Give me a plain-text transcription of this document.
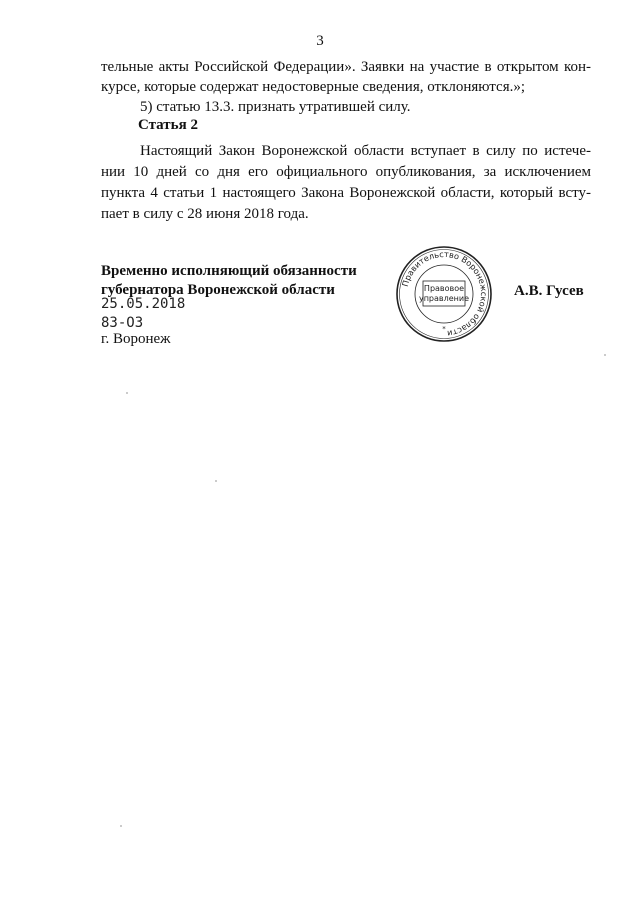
3
тельные акты Российской Федерации». Заявки на участие в открытом кон-
курсе, которые содержат недостоверные сведения, отклоняются.»;
5) статью 13.3. признать утратившей силу.
Статья 2
Настоящий Закон Воронежской области вступает в силу по истече-
нии 10 дней со дня его официального опубликования, за исключением
пункта 4 статьи 1 настоящего Закона Воронежской области, который всту-
пает в силу с 28 июня 2018 года.
Временно исполняющий обязанности
губернатора Воронежской области	Правительство Воронежской области
Правовое
управление
*
А.В. Гусев
25.05.2018
83-ОЗ
г. Воронеж
